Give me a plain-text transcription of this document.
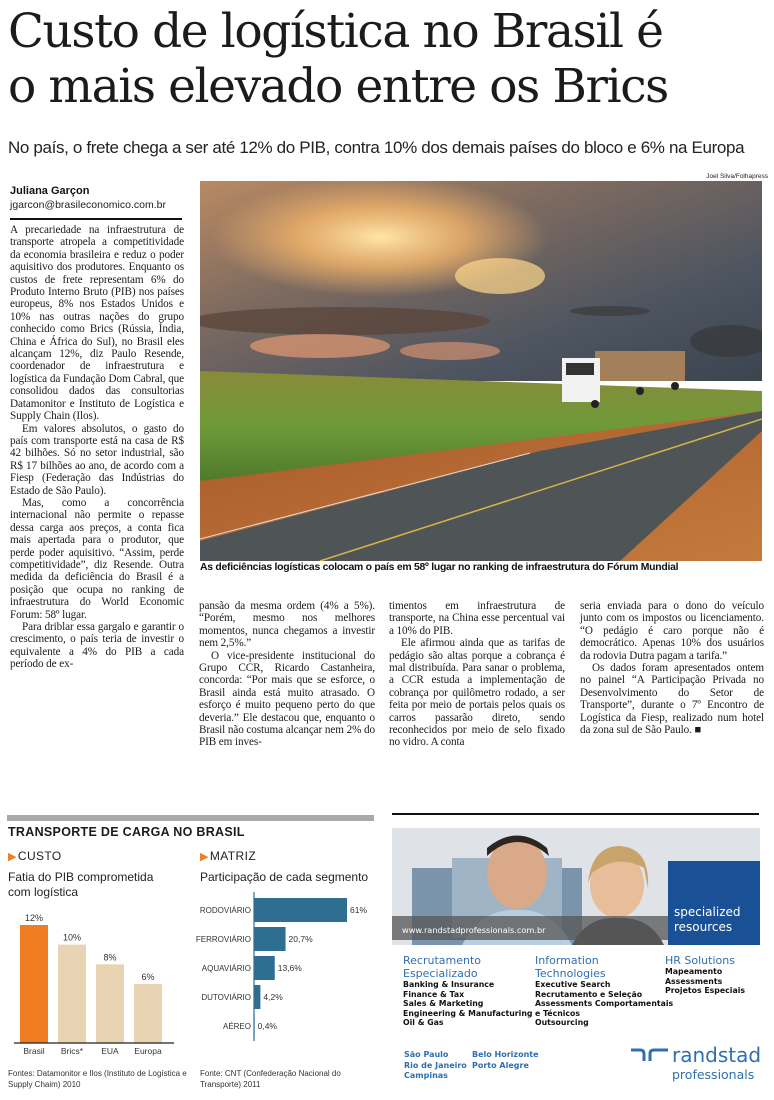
Custo de logística no Brasil é
o mais elevado entre os Brics
No país, o frete chega a ser até 12% do PIB, contra 10% dos demais países do bloco e 6% na Europa
Joel Silva/Folhapress
Juliana Garçon
jgarcon@brasileconomico.com.br

A precariedade na infraestrutura de transporte atropela a competitividade da economia brasileira e reduz o poder aquisitivo dos produtores. Enquanto os custos de frete representam 6% do Produto Interno Bruto (PIB) nos países europeus, 8% nos Estados Unidos e 10% nas outras nações do grupo conhecido como Brics (Rússia, Índia, China e África do Sul), no Brasil eles alcançam 12%, diz Paulo Resende, coordenador de infraestrutura e logística da Fundação Dom Cabral, que consolidou dados das consultorias Datamonitor e Instituto de Logística e Supply Chain (Ilos).

Em valores absolutos, o gasto do país com transporte está na casa de R$ 42 bilhões. Só no setor industrial, são R$ 17 bilhões ao ano, de acordo com a Fiesp (Federação das Indústrias do Estado de São Paulo).

Mas, como a concorrência internacional não permite o repasse dessa carga aos preços, a conta fica mais apertada para o produtor, que perde poder aquisitivo. “Assim, perde competitividade”, diz Resende. Outra medida da deficiência do Brasil é a posição que ocupa no ranking de infraestrutura do World Economic Forum: 58º lugar.

Para driblar essa gargalo e garantir o crescimento, o país teria de investir o equivalente a 4% do PIB a cada período de ex-

As deficiências logísticas colocam o país em 58º lugar no ranking de infraestrutura do Fórum Mundial

pansão da mesma ordem (4% a 5%). “Porém, mesmo nos melhores momentos, nunca chegamos a investir nem 2,5%.”

O vice-presidente institucional do Grupo CCR, Ricardo Castanheira, concorda: “Por mais que se esforce, o Brasil ainda está muito atrasado. O esforço é muito pequeno perto do que deveria.” Ele destacou que, enquanto o Brasil não costuma alcançar nem 2% do PIB em inves-

timentos em infraestrutura de transporte, na China esse percentual vai a 10% do PIB.

Ele afirmou ainda que as tarifas de pedágio são altas porque a cobrança é mal distribuída. Para sanar o problema, a CCR estuda a implementação de cobrança por quilômetro rodado, a ser feita por meio de portais pelos quais os carros passarão direto, sendo reconhecidos por meio de selo fixado no vidro. A conta

seria enviada para o dono do veículo junto com os impostos ou licenciamento. “O pedágio é caro porque não é democrático. Apenas 10% dos usuários da rodovia Dutra pagam a tarifa.”

Os dados foram apresentados ontem no painel “A Participação Privada no Desenvolvimento do Setor de Transporte”, durante o 7º Encontro de Logística da Fiesp, realizado num hotel da zona sul de São Paulo. ■

TRANSPORTE DE CARGA NO BRASIL
▶CUSTO
Fatia do PIB comprometida com logística
12%
Brasil
10%
Brics*
8%
EUA
6%
Europa
Fontes: Datamonitor e Ilos (Instituto de Logística e Supply Chaim) 2010
▶MATRIZ
Participação de cada segmento
RODOVIÁRIO	61%
FERROVIÁRIO	20,7%
AQUAVIÁRIO	13,6%
DUTOVIÁRIO 4,2%
AÉREO 0,4%
Fonte: CNT (Confederação Nacional do Transporte) 2011
www.randstadprofessionals.com.br
specialized
resources
Recrutamento
Especializado
Banking & Insurance
Finance & Tax
Sales & Marketing
Engineering & Manufacturing
Oil & Gas
Information
Technologies
Executive Search
Recrutamento e Seleção
Assessments Comportamentais
e Técnicos
Outsourcing
HR Solutions
Mapeamento
Assessments
Projetos Especiais
São Paulo
Rio de Janeiro
Campinas
Belo Horizonte
Porto Alegre	randstad
professionals
